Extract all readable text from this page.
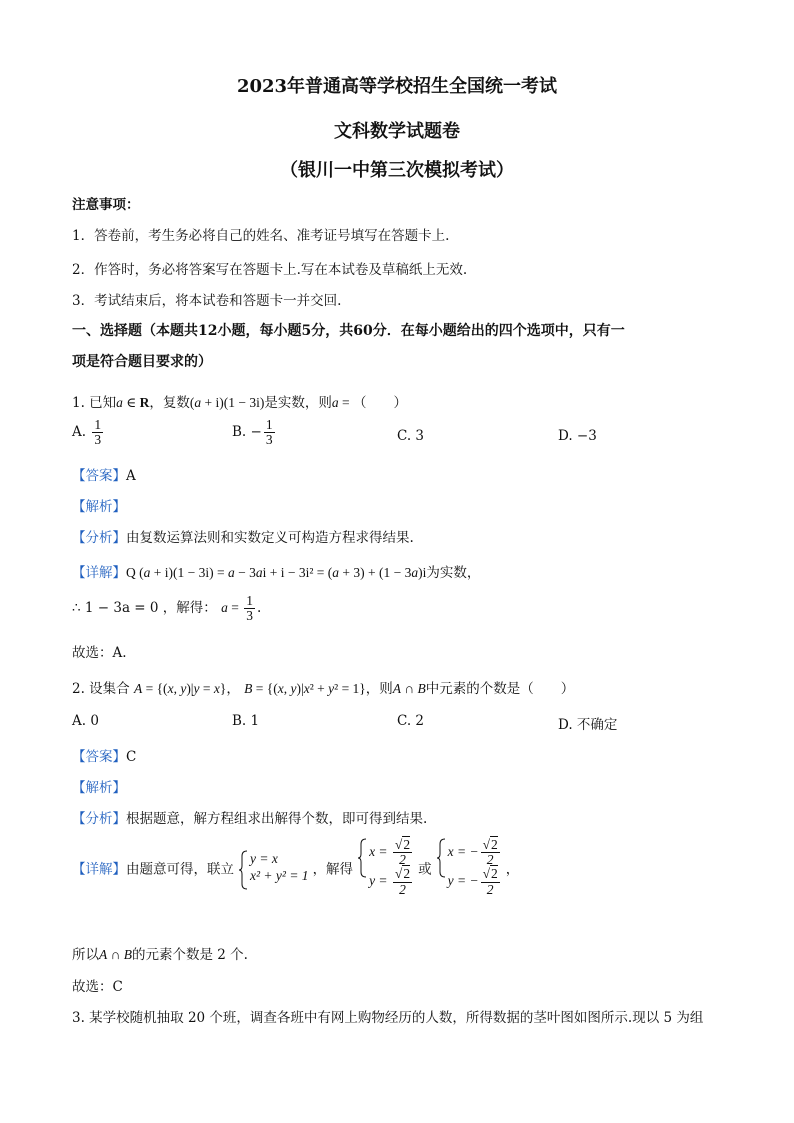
2023年普通高等学校招生全国统一考试
文科数学试题卷
（银川一中第三次模拟考试）
注意事项：
1．答卷前，考生务必将自己的姓名、准考证号填写在答题卡上.
2．作答时，务必将答案写在答题卡上.写在本试卷及草稿纸上无效.
3．考试结束后，将本试卷和答题卡一并交回.
一、选择题（本题共12小题，每小题5分，共60分．在每小题给出的四个选项中，只有一
项是符合题目要求的）
1. 已知a ∈ R，复数(a + i)(1 − 3i)是实数，则a = （　　）
A. $\frac{1}{3}$	B. − $\frac{1}{3}$	C. 3	D. −3
【答案】A
【解析】
【分析】由复数运算法则和实数定义可构造方程求得结果.
【详解】Q (a + i)(1 − 3i) = a − 3ai + i − 3i² = (a + 3) + (1 − 3a)i为实数，
∴ 1 − 3a = 0 ，解得： $a = \frac{1}{3}$ .
故选：A.
2. 设集合 A = {(x, y)|y = x}， B = {(x, y)|x² + y² = 1}，则A ∩ B中元素的个数是（　　）
A. 0	B. 1	C. 2	D. 不确定
【答案】C
【解析】
【分析】根据题意，解方程组求出解得个数，即可得到结果.
【详解】由题意可得，联立
y = x
x² + y² = 1 ，解得
$x = \frac{√2}{2}$
$y = \frac{√2}{2}$ 或
x = − $\frac{√2}{2}$
y = − $\frac{√2}{2}$ ，
所以A ∩ B的元素个数是 2 个.
故选：C
3. 某学校随机抽取 20 个班，调查各班中有网上购物经历的人数，所得数据的茎叶图如图所示.现以 5 为组
